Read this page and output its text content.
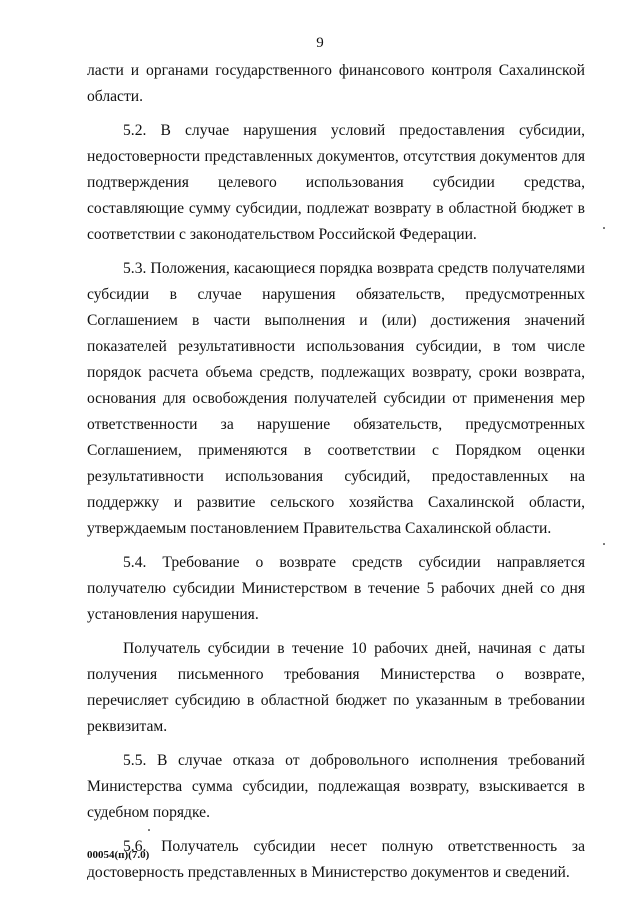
9

ласти и органами государственного финансового контроля Сахалинской области.

5.2. В случае нарушения условий предоставления субсидии, недостоверности представленных документов, отсутствия документов для подтверждения целевого использования субсидии средства, составляющие сумму субсидии, подлежат возврату в областной бюджет в соответствии с законодательством Российской Федерации.

5.3. Положения, касающиеся порядка возврата средств получателями субсидии в случае нарушения обязательств, предусмотренных Соглашением в части выполнения и (или) достижения значений показателей результативности использования субсидии, в том числе порядок расчета объема средств, подлежащих возврату, сроки возврата, основания для освобождения получателей субсидии от применения мер ответственности за нарушение обязательств, предусмотренных Соглашением, применяются в соответствии с Порядком оценки результативности использования субсидий, предоставленных на поддержку и развитие сельского хозяйства Сахалинской области, утверждаемым постановлением Правительства Сахалинской области.

5.4. Требование о возврате средств субсидии направляется получателю субсидии Министерством в течение 5 рабочих дней со дня установления нарушения.

Получатель субсидии в течение 10 рабочих дней, начиная с даты получения письменного требования Министерства о возврате, перечисляет субсидию в областной бюджет по указанным в требовании реквизитам.

5.5. В случае отказа от добровольного исполнения требований Министерства сумма субсидии, подлежащая возврату, взыскивается в судебном порядке.

5.6. Получатель субсидии несет полную ответственность за достоверность представленных в Министерство документов и сведений.

00054(п)(7.0)
